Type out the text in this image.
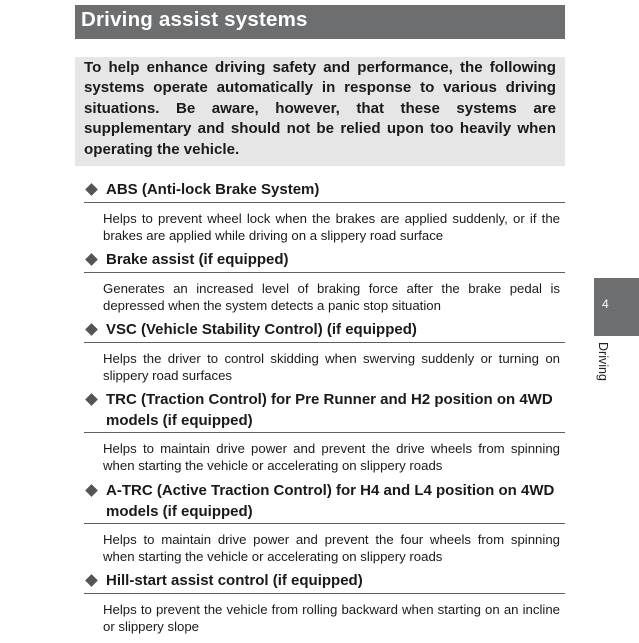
Driving assist systems

To help enhance driving safety and performance, the following systems operate automatically in response to various driving situations. Be aware, however, that these systems are supplementary and should not be relied upon too heavily when operating the vehicle.

ABS (Anti-lock Brake System)
Helps to prevent wheel lock when the brakes are applied suddenly, or if the brakes are applied while driving on a slippery road surface
Brake assist (if equipped)
Generates an increased level of braking force after the brake pedal is depressed when the system detects a panic stop situation
VSC (Vehicle Stability Control) (if equipped)
Helps the driver to control skidding when swerving suddenly or turning on slippery road surfaces
TRC (Traction Control) for Pre Runner and H2 position on 4WD models (if equipped)
Helps to maintain drive power and prevent the drive wheels from spinning when starting the vehicle or accelerating on slippery roads
A-TRC (Active Traction Control) for H4 and L4 position on 4WD models (if equipped)
Helps to maintain drive power and prevent the four wheels from spinning when starting the vehicle or accelerating on slippery roads
Hill-start assist control (if equipped)
Helps to prevent the vehicle from rolling backward when starting on an incline or slippery slope
4
Driving
